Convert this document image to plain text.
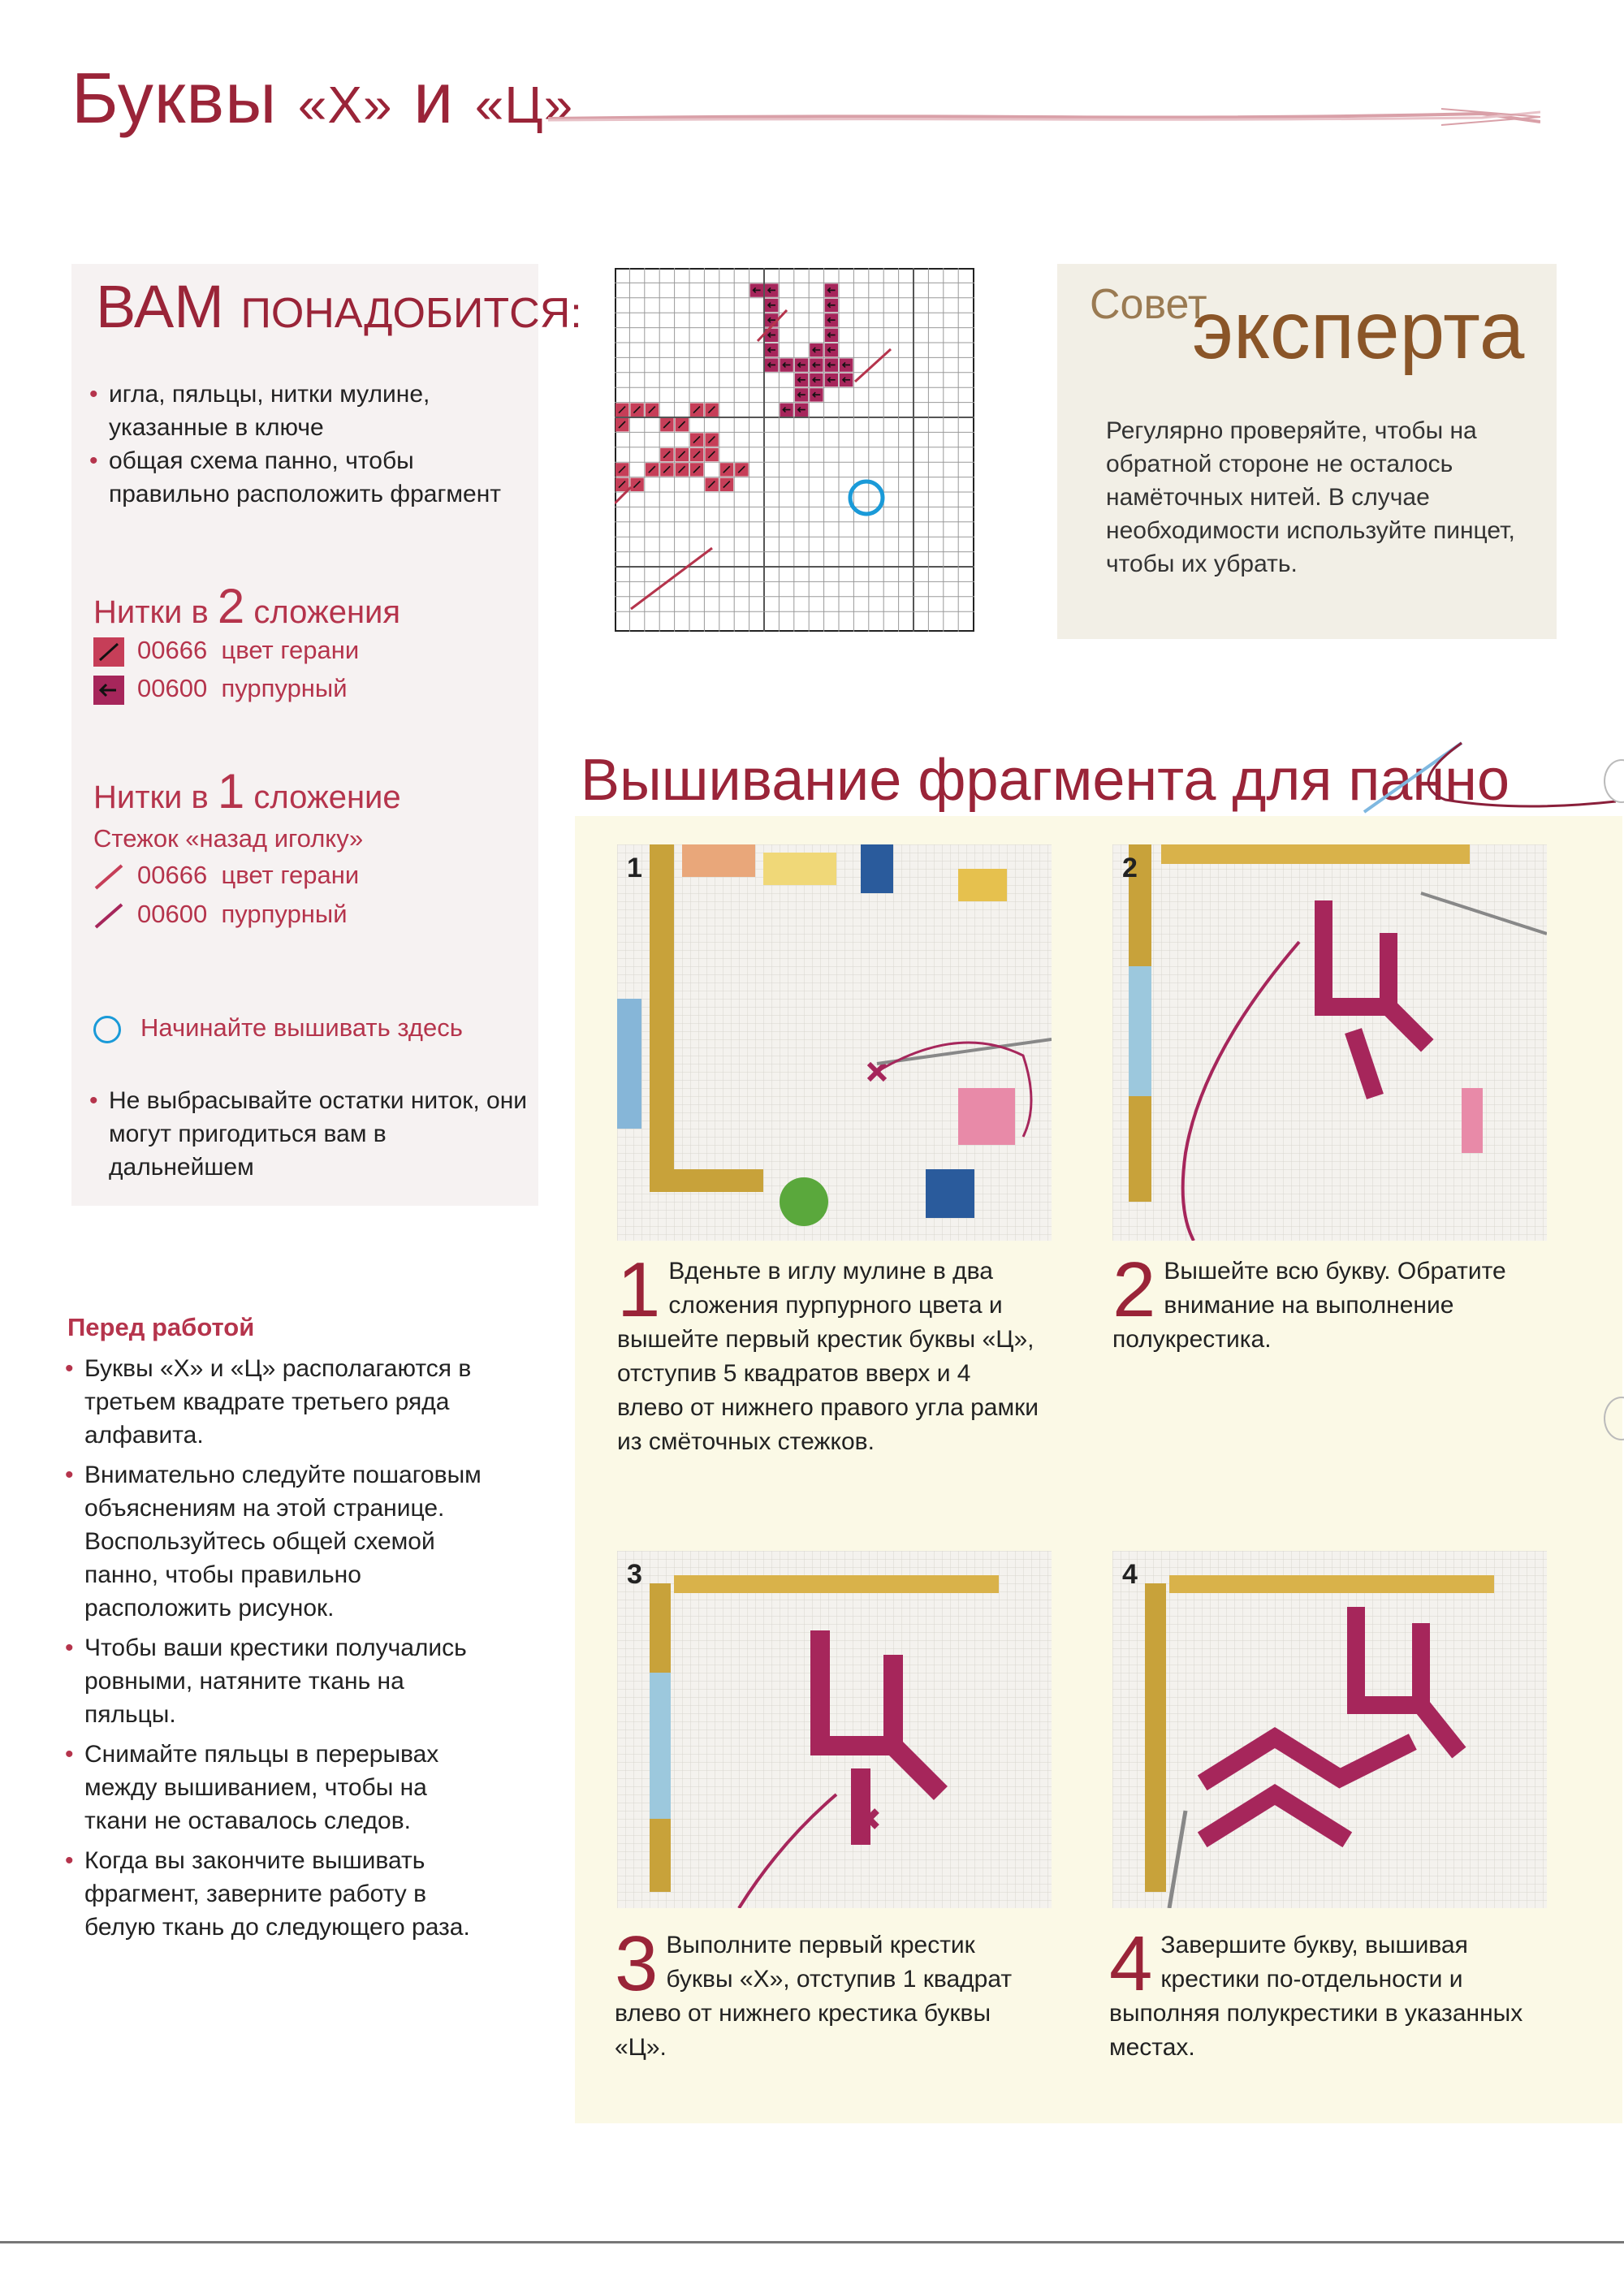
Буквы «Х» и «Ц»
ВАМ ПОНАДОБИТСЯ:
• игла, пяльцы, нитки мулине, указанные в ключе
• общая схема панно, чтобы правильно расположить фрагмент
Нитки в 2 сложения
00666 цвет герани
00600 пурпурный
Нитки в 1 сложение
Стежок «назад иголку»
00666 цвет герани
00600 пурпурный
Начинайте вышивать здесь
• Не выбрасывайте остатки ниток, они могут пригодиться вам в дальнейшем
Перед работой
• Буквы «Х» и «Ц» располагаются в третьем квадрате третьего ряда алфавита.
• Внимательно следуйте пошаговым объяснениям на этой странице. Воспользуйтесь общей схемой панно, чтобы правильно расположить рисунок.
• Чтобы ваши крестики получались ровными, натяните ткань на пяльцы.
• Снимайте пяльцы в перерывах между вышиванием, чтобы на ткани не оставалось следов.
• Когда вы закончите вышивать фрагмент, заверните работу в белую ткань до следующего раза.
Совет
эксперта
Регулярно проверяйте, чтобы на обратной стороне не осталось намёточных нитей. В случае необходимости используйте пинцет, чтобы их убрать.
Вышивание фрагмента для панно
1	2
3	4
1 Вденьте в иглу мулине в два сложения пурпурного цвета и вышейте первый крестик буквы «Ц», отступив 5 квадратов вверх и 4 влево от нижнего правого угла рамки из смёточных стежков.
2 Вышейте всю букву. Обратите внимание на выполнение полукрестика.
3 Выполните первый крестик буквы «Х», отступив 1 квадрат влево от нижнего крестика буквы «Ц».
4 Завершите букву, вышивая крестики по-отдельности и выполняя полукрестики в указанных местах.
